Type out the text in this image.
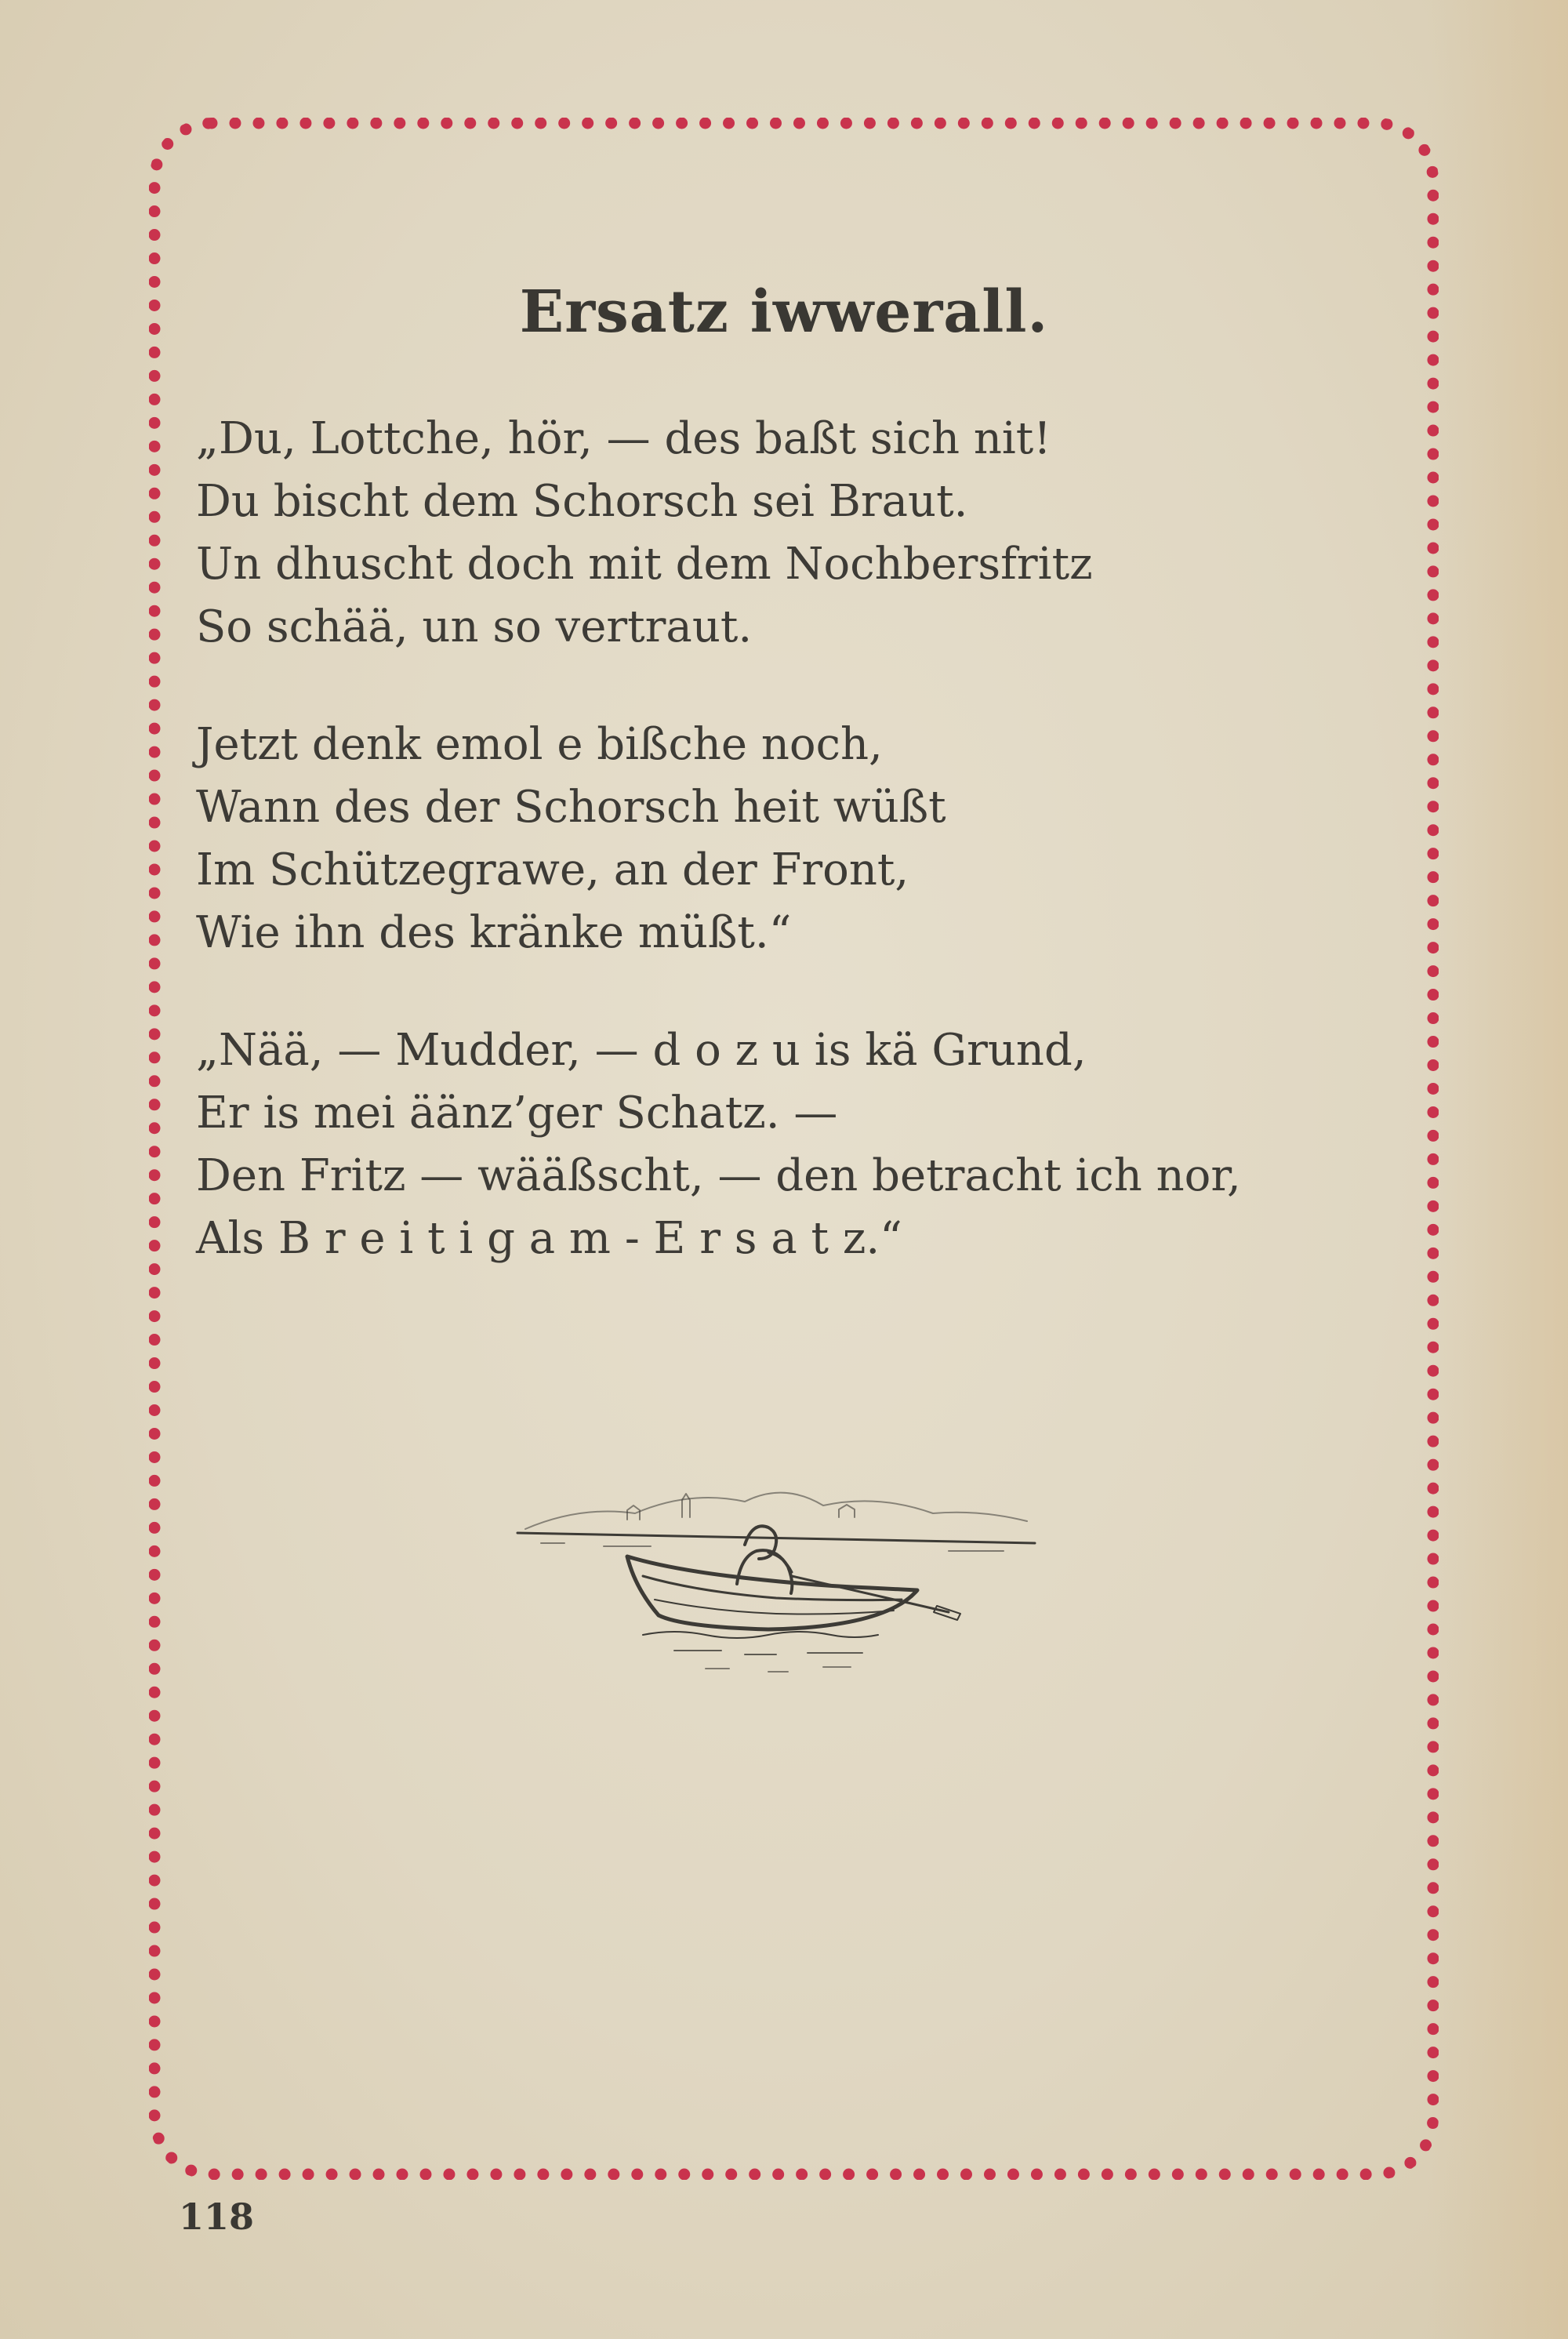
Ersatz iwwerall.
„Du, Lottche, hör, — des baßt sich nit!
Du bischt dem Schorsch sei Braut.
Un dhuscht doch mit dem Nochbersfritz
So schää, un so vertraut.
Jetzt denk emol e bißche noch,
Wann des der Schorsch heit wüßt
Im Schützegrawe, an der Front,
Wie ihn des kränke müßt.“
„Nää, — Mudder, — d o z u is kä Grund,
Er is mei äänz’ger Schatz. —
Den Fritz — wääßscht, — den betracht ich nor,
Als B r e i t i g a m - E r s a t z.“
118
